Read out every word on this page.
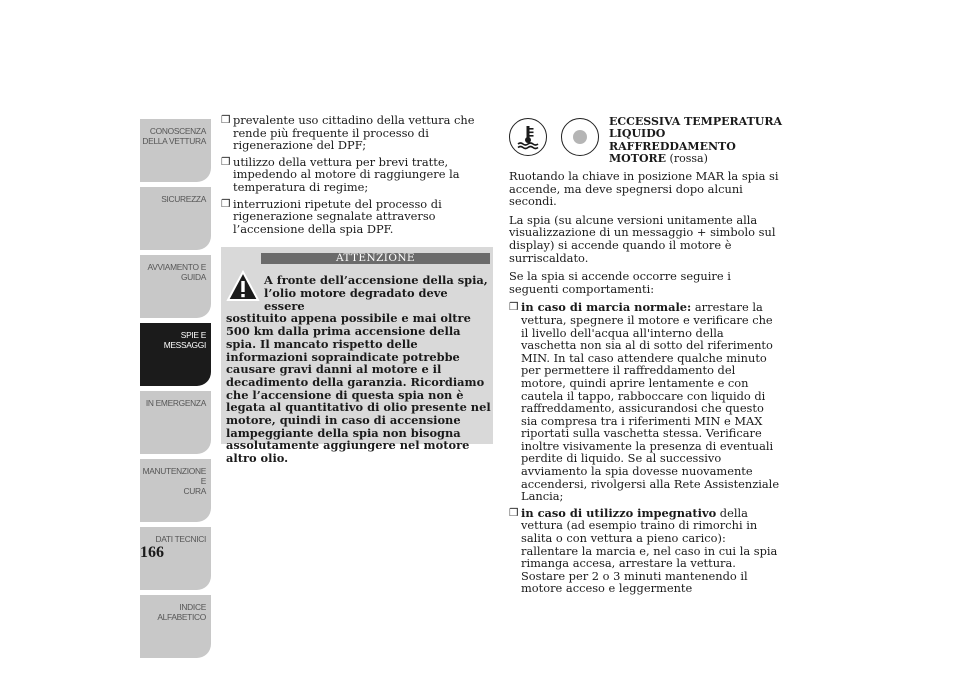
CONOSCENZA
DELLA VETTURA
SICUREZZA
AVVIAMENTO E
GUIDA
SPIE E MESSAGGI
IN EMERGENZA
MANUTENZIONE E
CURA
DATI TECNICI
INDICE
ALFABETICO
166
❒ prevalente uso cittadino della vettura che rende più frequente il processo di rigenerazione del DPF;
❒ utilizzo della vettura per brevi tratte, impedendo al motore di raggiungere la temperatura di regime;
❒ interruzioni ripetute del processo di rigenerazione segnalate attraverso l’accensione della spia DPF.
ATTENZIONE
A fronte dell’accensione della spia, l’olio motore degradato deve essere
sostituito appena possibile e mai oltre 500 km dalla prima accensione della spia. Il mancato rispetto delle informazioni sopraindicate potrebbe causare gravi danni al motore e il decadimento della garanzia. Ricordiamo che l’accensione di questa spia non è legata al quantitativo di olio presente nel motore, quindi in caso di accensione lampeggiante della spia non bisogna assolutamente aggiungere nel motore altro olio.
ECCESSIVA TEMPERATURA LIQUIDO RAFFREDDAMENTO MOTORE (rossa)

Ruotando la chiave in posizione MAR la spia si accende, ma deve spegnersi dopo alcuni secondi.

La spia (su alcune versioni unitamente alla visualizzazione di un messaggio + simbolo sul display) si accende quando il motore è surriscaldato.

Se la spia si accende occorre seguire i seguenti comportamenti:

❒ in caso di marcia normale: arrestare la vettura, spegnere il motore e verificare che il livello dell'acqua all'interno della vaschetta non sia al di sotto del riferimento MIN. In tal caso attendere qualche minuto per permettere il raffreddamento del motore, quindi aprire lentamente e con cautela il tappo, rabboccare con liquido di raffreddamento, assicurandosi che questo sia compresa tra i riferimenti MIN e MAX riportati sulla vaschetta stessa. Verificare inoltre visivamente la presenza di eventuali perdite di liquido. Se al successivo avviamento la spia dovesse nuovamente accendersi, rivolgersi alla Rete Assistenziale Lancia;
❒ in caso di utilizzo impegnativo della vettura (ad esempio traino di rimorchi in salita o con vettura a pieno carico): rallentare la marcia e, nel caso in cui la spia rimanga accesa, arrestare la vettura. Sostare per 2 o 3 minuti mantenendo il motore acceso e leggermente
